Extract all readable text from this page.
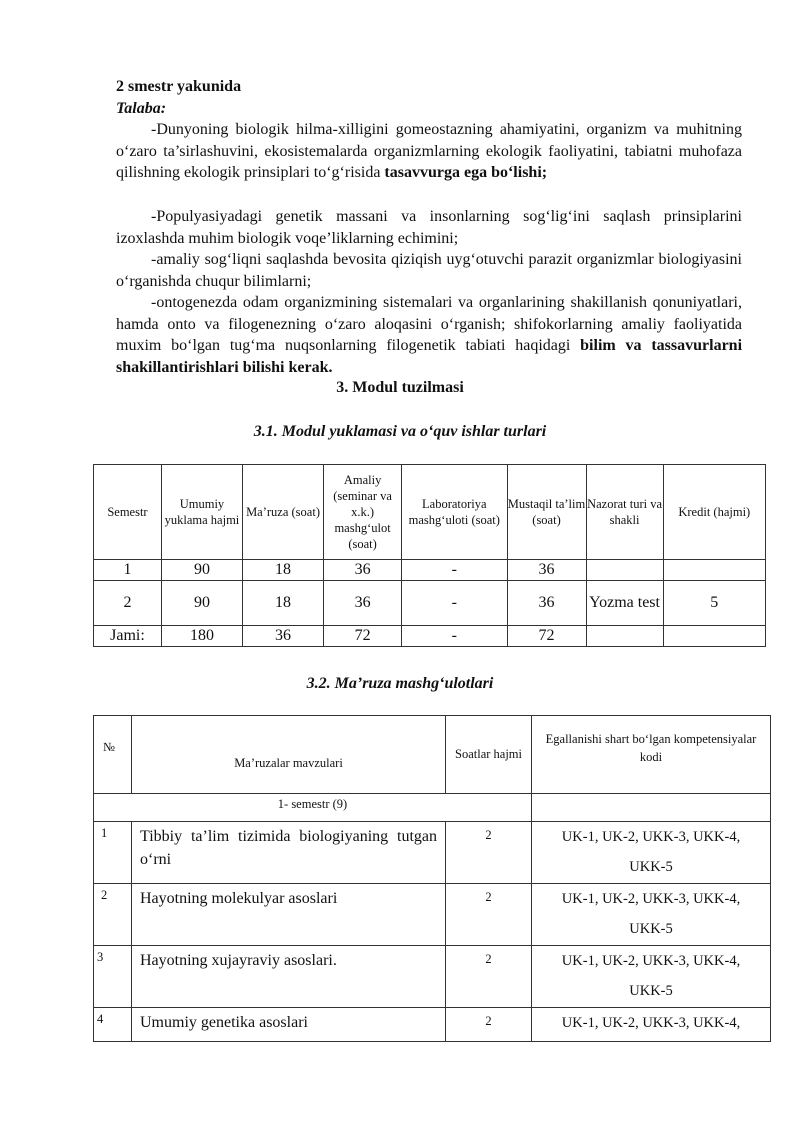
2 smestr yakunida
Talaba:
-Dunyoning biologik hilma-xilligini gomeostazning ahamiyatini, organizm va muhitning o‘zaro ta’sirlashuvini, ekosistemalarda organizmlarning ekologik faoliyatini, tabiatni muhofaza qilishning ekologik prinsiplari to‘g‘risida tasavvurga ega bo‘lishi;
-Populyasiyadagi genetik massani va insonlarning sog‘lig‘ini saqlash prinsiplarini izoxlashda muhim biologik voqe’liklarning echimini;
-amaliy sog‘liqni saqlashda bevosita qiziqish uyg‘otuvchi parazit organizmlar biologiyasini o‘rganishda chuqur bilimlarni;
-ontogenezda odam organizmining sistemalari va organlarining shakillanish qonuniyatlari, hamda onto va filogenezning o‘zaro aloqasini o‘rganish; shifokorlarning amaliy faoliyatida muxim bo‘lgan tug‘ma nuqsonlarning filogenetik tabiati haqidagi bilim va tassavurlarni shakillantirishlari bilishi kerak.
3. Modul tuzilmasi
3.1. Modul yuklamasi va o‘quv ishlar turlari
Semestr	Umumiy yuklama hajmi	Ma’ruza (soat)	Amaliy (seminar va x.k.) mashg‘ulot (soat)	Laboratoriya mashg‘uloti (soat)	Mustaqil ta’lim (soat)	Nazorat turi va shakli	Kredit (hajmi)
1	90	18	36	-	36		
2	90	18	36	-	36	Yozma test	5
Jami:	180	36	72	-	72		
3.2. Ma’ruza mashg‘ulotlari
№	Ma’ruzalar mavzulari	Soatlar hajmi	Egallanishi shart bo‘lgan kompetensiyalar kodi
1- semestr (9)			
1	Tibbiy ta’lim tizimida biologiyaning tutgan o‘rni	2	UK-1, UK-2, UKK-3, UKK-4,
UKK-5

2	Hayotning molekulyar asoslari	2	UK-1, UK-2, UKK-3, UKK-4,
UKK-5

3	Hayotning xujayraviy asoslari.	2	UK-1, UK-2, UKK-3, UKK-4,
UKK-5

4	Umumiy genetika asoslari	2	UK-1, UK-2, UKK-3, UKK-4,
